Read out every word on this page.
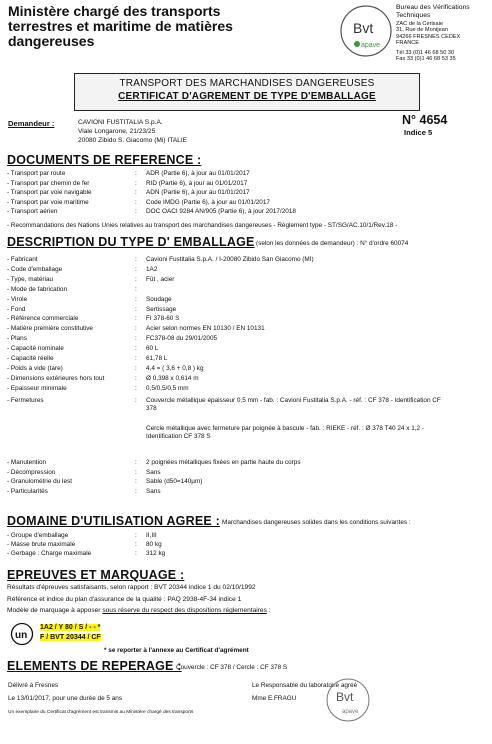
Ministère chargé des transports
terrestres et maritime de matières
dangereuses
Bvt
apave
Bureau des Vérifications
Techniques
ZAC de la Cerisaie
31, Rue de Montjean
94266 FRESNES CEDEX
FRANCE
Tél 33 (0)1 46 68 50 30
Fax 33 (0)1 46 68 53 35
TRANSPORT DES MARCHANDISES DANGEREUSES
CERTIFICAT D'AGREMENT DE TYPE D'EMBALLAGE
Demandeur :	CAVIONI FUSTITALIA S.p.A.
Viale Longarone, 21/23/25
20080 Zibido S. Giacomo (Mi) ITALIE
N° 4654
Indice 5
DOCUMENTS DE REFERENCE :
- Transport par route	: ADR (Partie 6), à jour au 01/01/2017
- Transport par chemin de fer	: RID (Partie 6), à jour au 01/01/2017
- Transport par voie navigable	: ADN (Partie 6), à jour au 01/01/2017
- Transport par voie maritime	: Code IMDG (Partie 6), à jour au 01/01/2017
- Transport aérien	: DOC OACI 9284 AN/905 (Partie 6), à jour 2017/2018
- Recommandations des Nations Unies relatives au transport des marchandises dangereuses - Règlement type - ST/SG/AC.10/1/Rev.18 -
DESCRIPTION DU TYPE D' EMBALLAGE (selon les données de demandeur) : N° d'ordre 60074
- Fabricant	: Cavioni Fustitalia S.p.A. / I-20080 Zibido San Giacomo (MI)
- Code d'emballage	: 1A2
- Type, matériau	: Fût , acier
- Mode de fabrication	:
- Virole	: Soudage
- Fond	: Sertissage
- Référence commerciale	: FI 378-60 S
- Matière première constitutive	: Acier selon normes EN 10130 / EN 10131
- Plans	: FC378-08 du 29/01/2005
- Capacité nominale	: 60 L
- Capacité réelle	: 61,78 L
- Poids à vide (tare)	: 4,4 = ( 3,6 + 0,8 ) kg
- Dimensions extérieures hors tout	: Ø 0,398 x 0,614 m
- Epaisseur minimale	: 0,5/0,5/0,5 mm
- Fermetures	: Couvercle métallique épaisseur 0,5 mm - fab. : Cavioni Fustitalia S.p.A. - réf. : CF 378 - Identification CF
378
Cercle métallique avec fermeture par poignée à bascule - fab. : RIEKE - réf. : Ø 378 T40 24 x 1,2 -
Identification CF 378 S
- Manutention	: 2 poignées métalliques fixées en partie haute du corps
- Décompression	: Sans
- Granulométrie du lest	: Sable (d50=140µm)
- Particularités	: Sans
DOMAINE D'UTILISATION AGREE : Marchandises dangereuses solides dans les conditions suivantes :
- Groupe d'emballage	: II,III
- Masse brute maximale	: 80 kg
- Gerbage : Charge maximale	: 312 kg
EPREUVES ET MARQUAGE :
Résultats d'épreuves satisfaisants, selon rapport : BVT 20344 indice 1 du 02/10/1992
Référence et indice du plan d'assurance de la qualité : PAQ 2938-4F-34 indice 1
Modèle de marquage à apposer sous réserve du respect des dispositions réglementaires :
un
1A2 / Y 80 / S / - - *
F / BVT 20344 / CF
* se reporter à l'annexe au Certificat d'agrément
ELEMENTS DE REPERAGE :
Couvercle : CF 378 / Cercle : CF 378 S
Délivré à Fresnes
Le 13/01/2017, pour une durée de 5 ans
Le Responsable du laboratoire agréé
Mme E.FRAGU	Bvt
apave
Un exemplaire du Certificat d'agrément est transmis au Ministère chargé des transports
